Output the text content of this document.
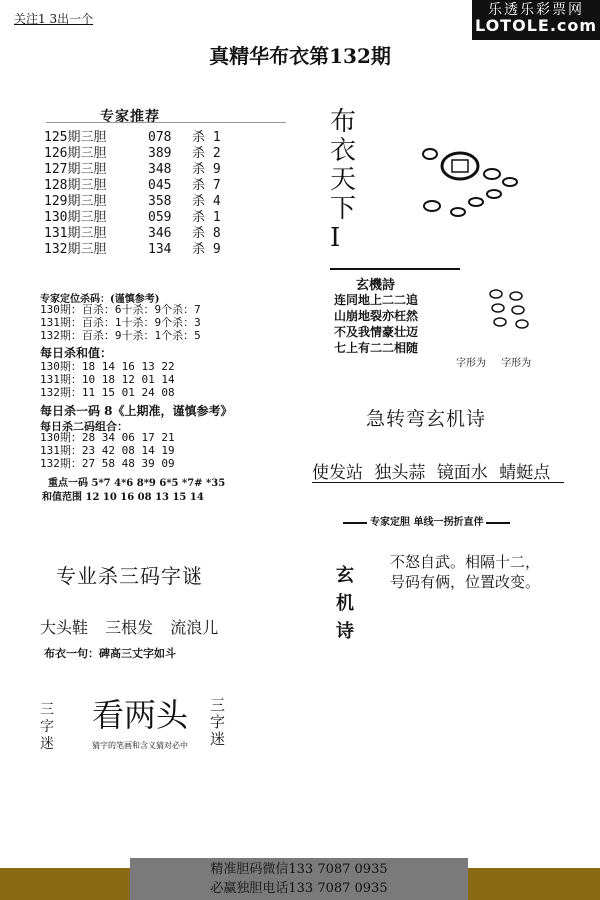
关注1 3出一个
乐透乐彩票网
LOTOLE.com
真精华布衣第132期
专家推荐
125期三胆	078 杀 1
126期三胆	389 杀 2
127期三胆	348 杀 9
128期三胆	045 杀 7
129期三胆	358 杀 4
130期三胆	059 杀 1
131期三胆	346 杀 8
132期三胆	134 杀 9
专家定位杀码：(谨慎参考)
130期：百杀：6十杀：9个杀：7
131期：百杀：1十杀：9个杀：3
132期：百杀：9十杀：1个杀：5
每日杀和值：
130期：18 14 16 13 22
131期：10 18 12 01 14
132期：11 15 01 24 08
每日杀一码 8《上期准，谨慎参考》
每日杀二码组合：
130期：28 34 06 17 21
131期：23 42 08 14 19
132期：27 58 48 39 09
重点一码 5*7 4*6 8*9 6*5 *7# *35
和值范围 12 10 16 08 13 15 14
专业杀三码字谜
大头鞋 三根发 流浪儿
布衣一句：碑高三丈字如斗
三字迷
看两头
猜字的笔画和含义猜对必中
三字迷
布
衣
天
下
I
玄機詩
连同地上二二追
山崩地裂亦枉然
不及我情豪壮迈
七上有二二相随
字形为 字形为
急转弯玄机诗
使发站 独头蒜 镜面水 蜻蜓点
专家定胆 单线一拐折直伴
玄
机
诗
不怒自武。相隔十二，
号码有俩，位置改变。
精准胆码微信133 7087 0935
必赢独胆电话133 7087 0935
